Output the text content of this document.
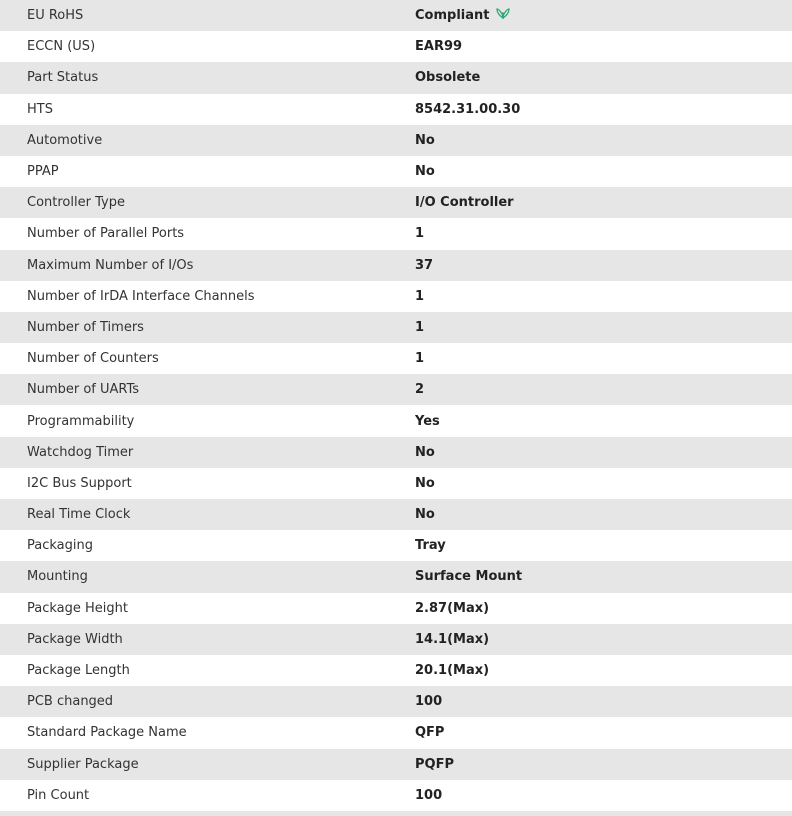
EU RoHS	Compliant
ECCN (US)	EAR99
Part Status	Obsolete
HTS	8542.31.00.30
Automotive	No
PPAP	No
Controller Type	I/O Controller
Number of Parallel Ports	1
Maximum Number of I/Os	37
Number of IrDA Interface Channels	1
Number of Timers	1
Number of Counters	1
Number of UARTs	2
Programmability	Yes
Watchdog Timer	No
I2C Bus Support	No
Real Time Clock	No
Packaging	Tray
Mounting	Surface Mount
Package Height	2.87(Max)
Package Width	14.1(Max)
Package Length	20.1(Max)
PCB changed	100
Standard Package Name	QFP
Supplier Package	PQFP
Pin Count	100
